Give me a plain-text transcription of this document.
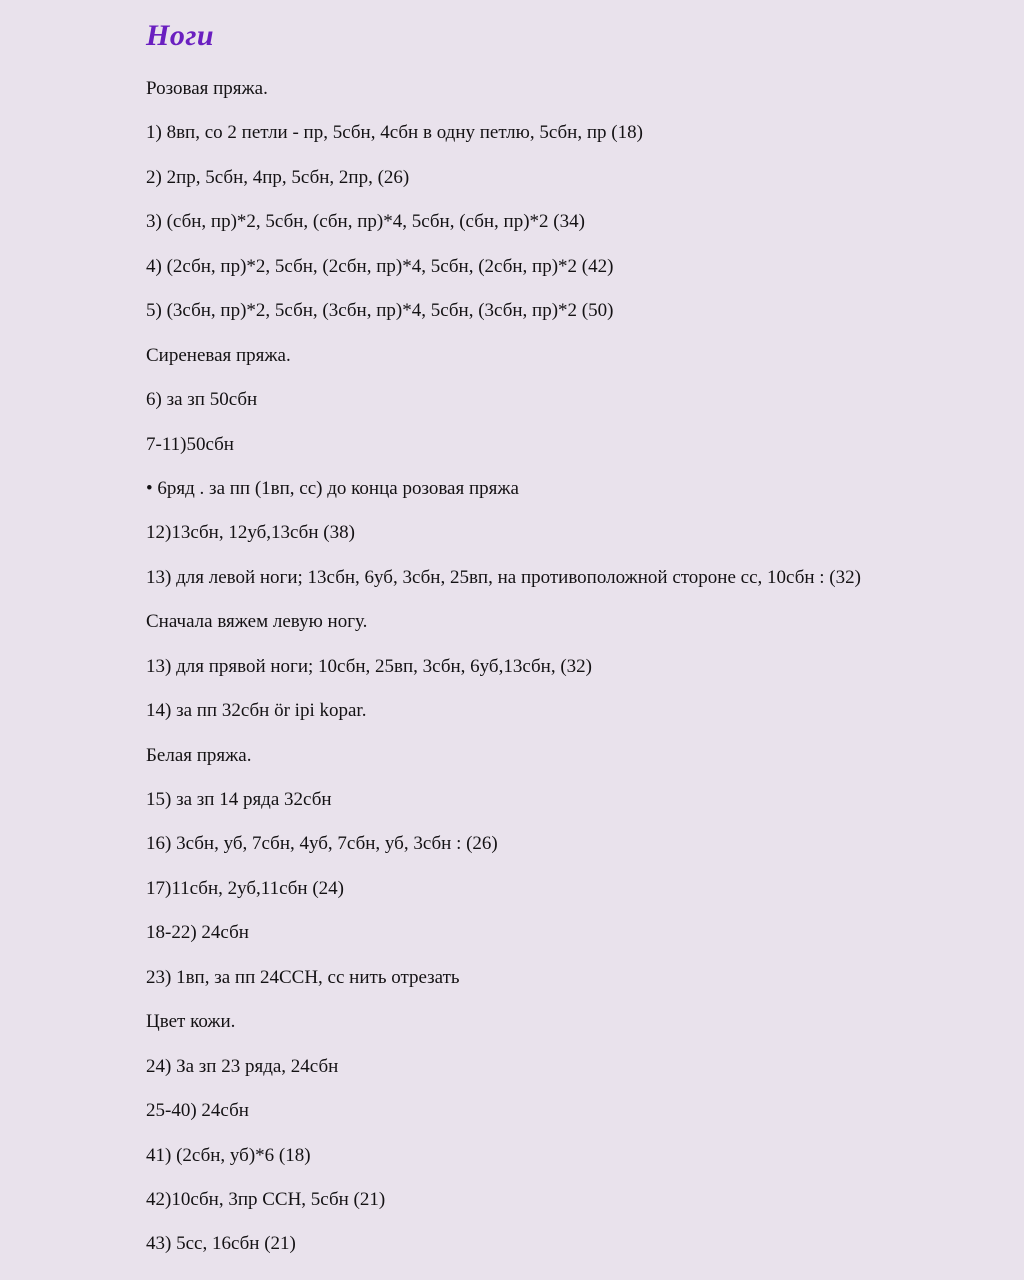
Ноги
Розовая пряжа.
1) 8вп, со 2 петли - пр, 5сбн, 4сбн в одну петлю, 5сбн, пр (18)
2) 2пр, 5сбн, 4пр, 5сбн, 2пр, (26)
3) (сбн, пр)*2, 5сбн, (сбн, пр)*4, 5сбн, (сбн, пр)*2 (34)
4) (2сбн, пр)*2, 5сбн, (2сбн, пр)*4, 5сбн, (2сбн, пр)*2 (42)
5) (3сбн, пр)*2, 5сбн, (3сбн, пр)*4, 5сбн, (3сбн, пр)*2 (50)
Сиреневая пряжа.
6) за зп 50сбн
7-11)50сбн
• 6ряд . за пп (1вп, сс) до конца розовая пряжа
12)13сбн, 12уб,13сбн (38)
13) для левой ноги; 13сбн, 6уб, 3сбн, 25вп, на противоположной стороне сс, 10сбн : (32)
Сначала вяжем левую ногу.
13) для прявой ноги; 10сбн, 25вп, 3сбн, 6уб,13сбн, (32)
14) за пп 32сбн ör ipi kopar.
Белая пряжа.
15) за зп 14 ряда 32сбн
16) 3сбн, уб, 7сбн, 4уб, 7сбн, уб, 3сбн : (26)
17)11сбн, 2уб,11сбн (24)
18-22) 24сбн
23) 1вп, за пп 24ССН, сс нить отрезать
Цвет кожи.
24) За зп 23 ряда, 24сбн
25-40) 24сбн
41) (2сбн, уб)*6 (18)
42)10сбн, 3пр ССН, 5сбн (21)
43) 5сс, 16сбн (21)
